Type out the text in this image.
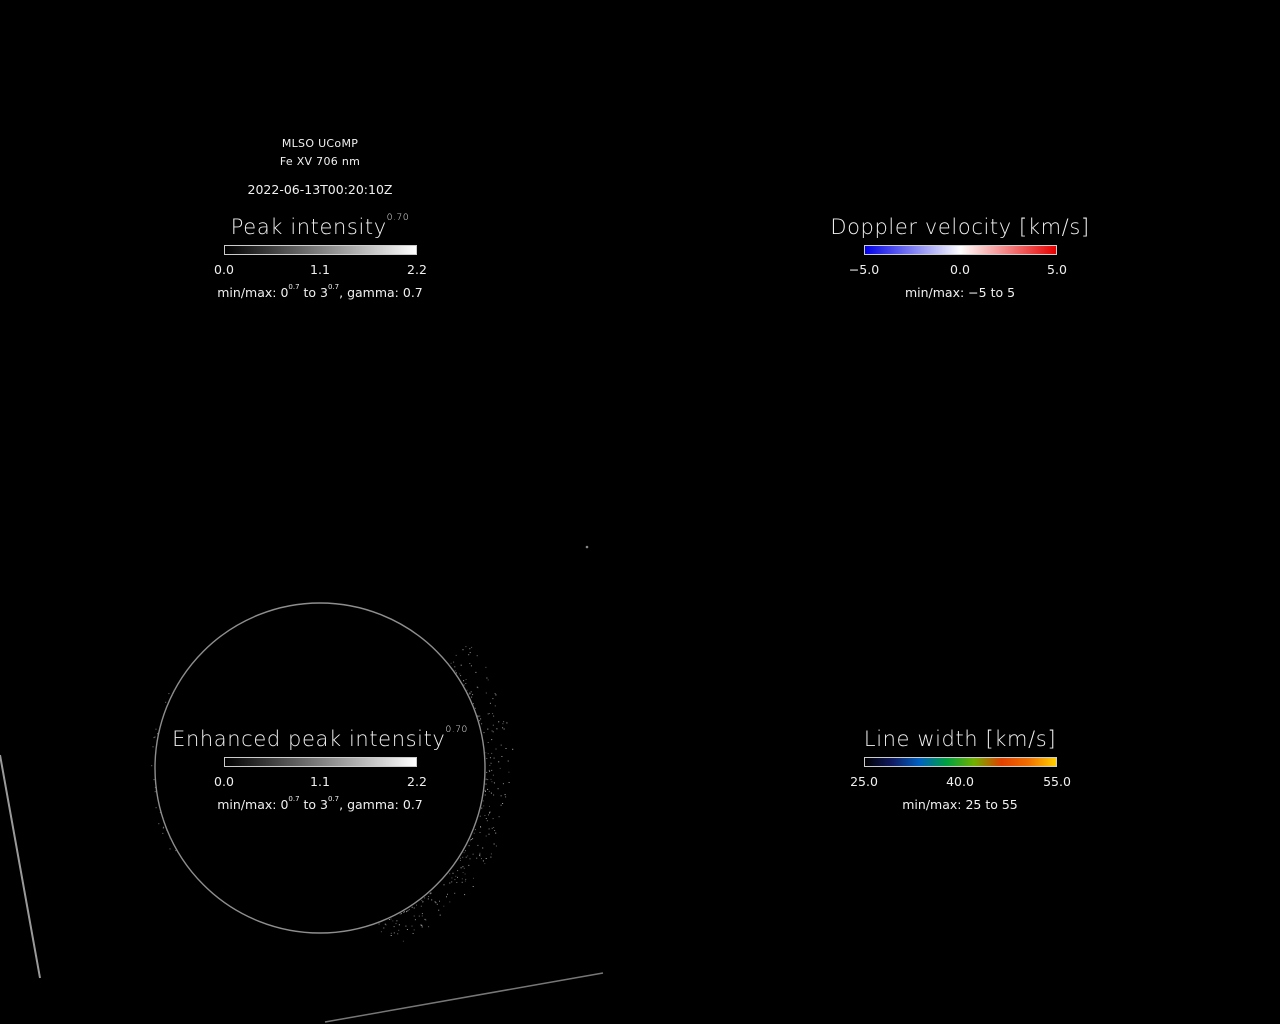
MLSO UCoMP
Fe XV 706 nm
2022-06-13T00:20:10Z
Peak intensity$^{0.70}$
0.0	1.1	2.2
min/max: $0^{0.7}$ to $3^{0.7}$, gamma: 0.7
Doppler velocity [km/s]
−5.0	0.0	5.0
min/max: −5 to 5
Enhanced peak intensity$^{0.70}$
0.0	1.1	2.2
min/max: $0^{0.7}$ to $3^{0.7}$, gamma: 0.7
Line width [km/s]
25.0	40.0	55.0
min/max: 25 to 55
